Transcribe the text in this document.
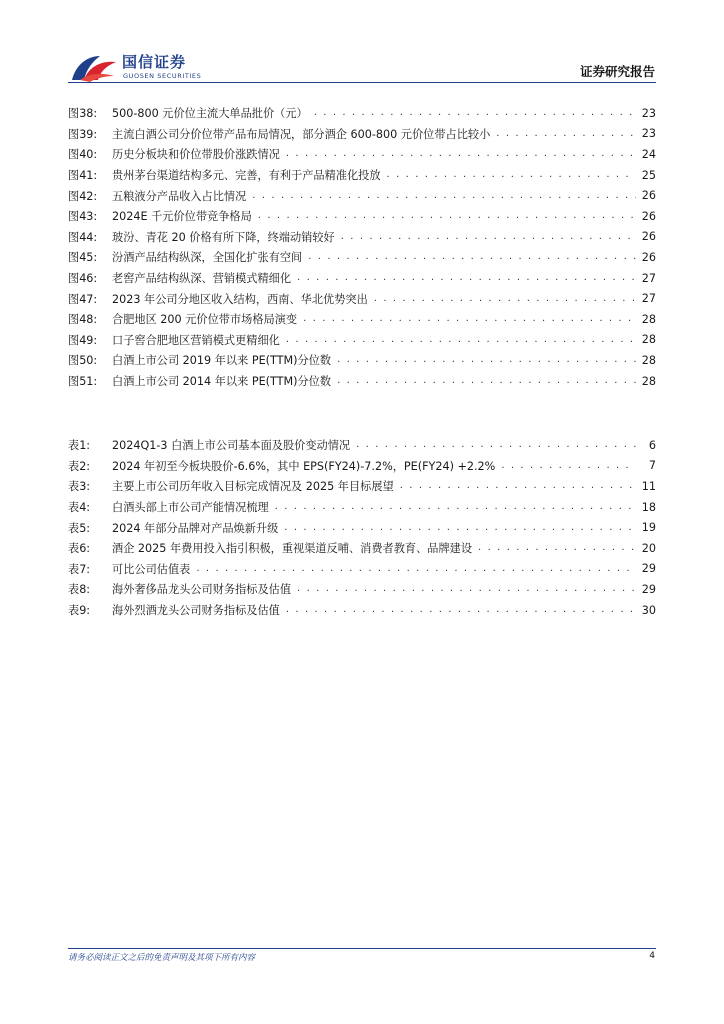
国信证券
GUOSEN SECURITIES	证券研究报告
图38:	500-800 元价位主流大单品批价（元） . . .	23
图39:	主流白酒公司分价位带产品布局情况，部分酒企 600-800 元价位带占比较小 . . .	23
图40:	历史分板块和价位带股价涨跌情况 . . .	24
图41:	贵州茅台渠道结构多元、完善，有利于产品精准化投放 . . .	25
图42:	五粮液分产品收入占比情况 . . .	26
图43:	2024E 千元价位带竞争格局 . . .	26
图44:	玻汾、青花 20 价格有所下降，终端动销较好 . . .	26
图45:	汾酒产品结构纵深，全国化扩张有空间 . . .	26
图46:	老窖产品结构纵深、营销模式精细化 . . .	27
图47:	2023 年公司分地区收入结构，西南、华北优势突出 . . .	27
图48:	合肥地区 200 元价位带市场格局演变 . . .	28
图49:	口子窖合肥地区营销模式更精细化 . . .	28
图50:	白酒上市公司 2019 年以来 PE(TTM)分位数 . . .	28
图51:	白酒上市公司 2014 年以来 PE(TTM)分位数 . . .	28
表1:	2024Q1-3 白酒上市公司基本面及股价变动情况 . . .	6
表2:	2024 年初至今板块股价-6.6%，其中 EPS(FY24)-7.2%，PE(FY24) +2.2% . . .	7
表3:	主要上市公司历年收入目标完成情况及 2025 年目标展望 . . .	11
表4:	白酒头部上市公司产能情况梳理 . . .	18
表5:	2024 年部分品牌对产品焕新升级 . . .	19
表6:	酒企 2025 年费用投入指引积极，重视渠道反哺、消费者教育、品牌建设 . . .	20
表7:	可比公司估值表 . . .	29
表8:	海外奢侈品龙头公司财务指标及估值 . . .	29
表9:	海外烈酒龙头公司财务指标及估值 . . .	30
请务必阅读正文之后的免责声明及其项下所有内容	4
